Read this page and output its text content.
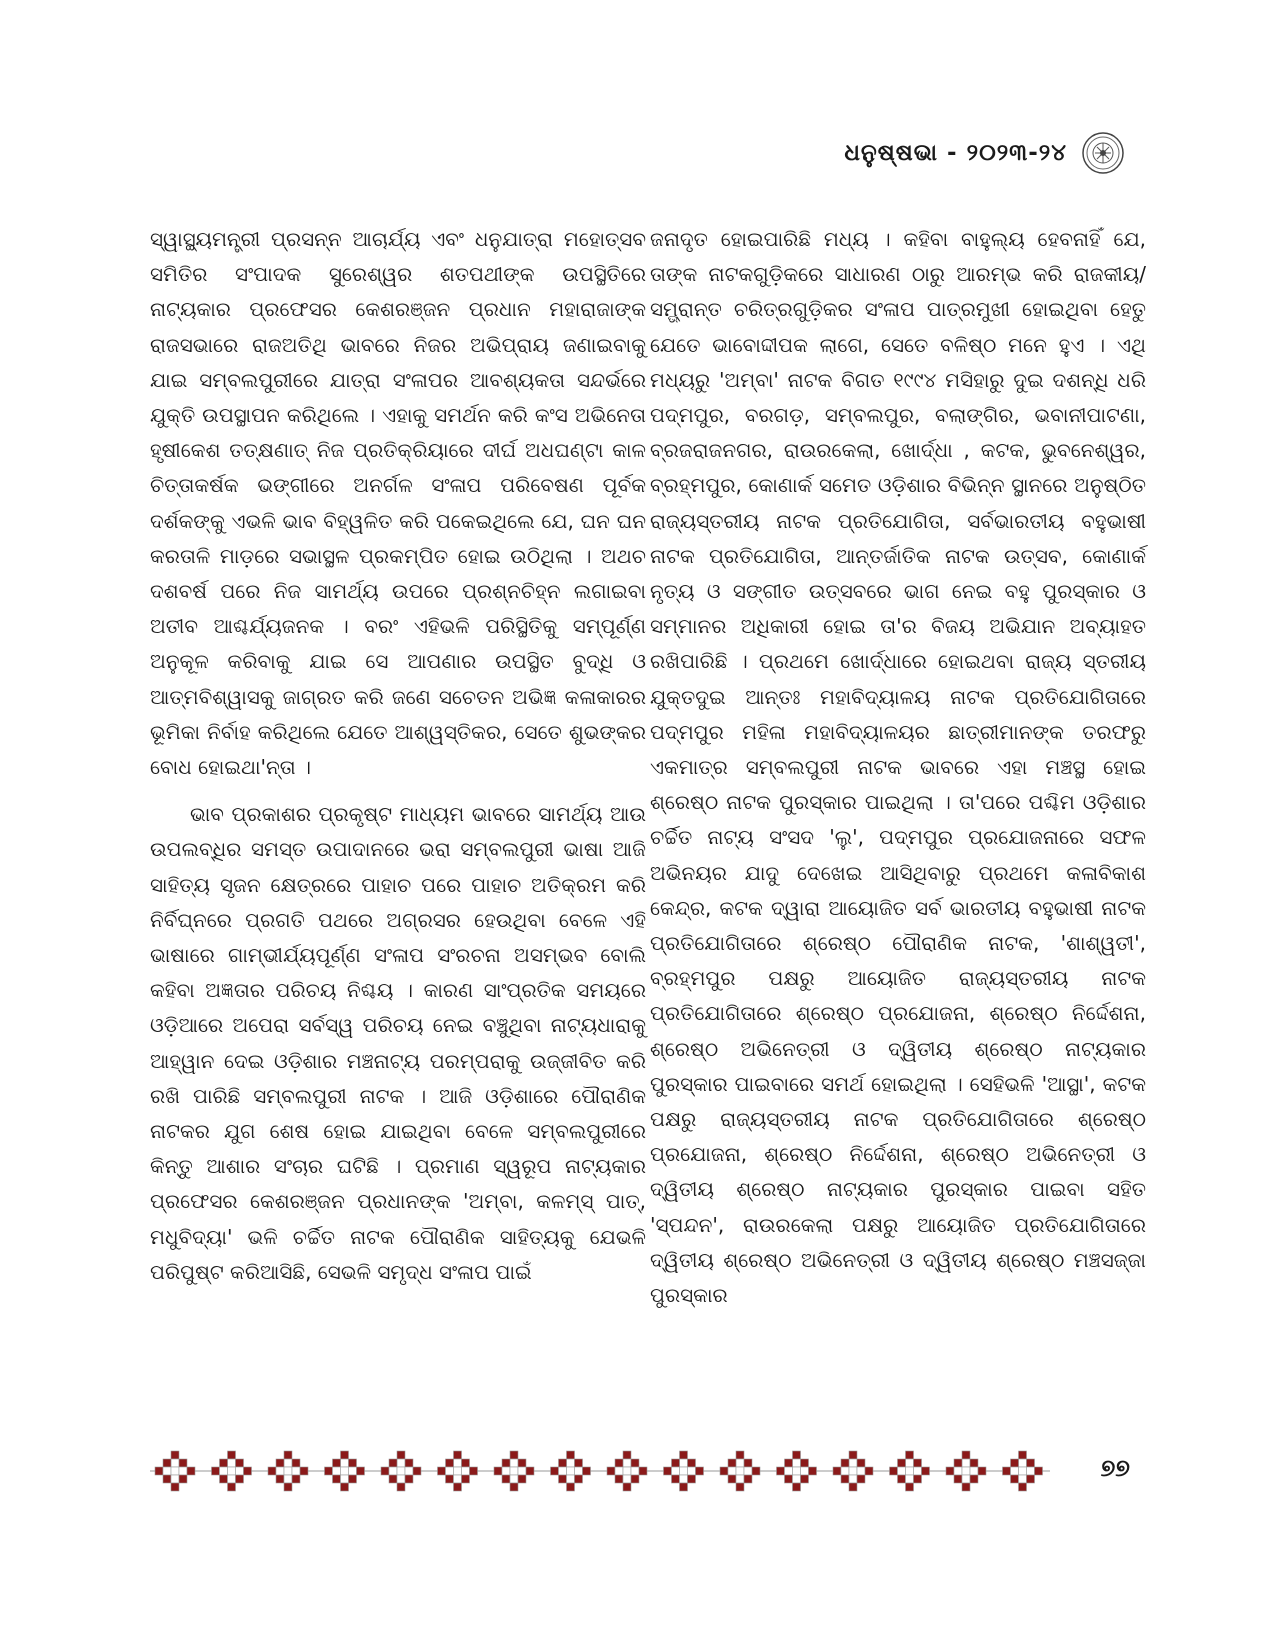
ଧନୁଷ୍ଷଭା - ୨୦୨୩-୨୪

ସ୍ୱାସ୍ଥ୍ୟମନ୍ତ୍ରୀ ପ୍ରସନ୍ନ ଆଚାର୍ଯ୍ୟ ଏବଂ ଧନୁଯାତ୍ରା ମହୋତ୍ସବ ସମିତିର ସଂପାଦକ ସୁରେଶ୍ୱର ଶତପଥୀଙ୍କ ଉପସ୍ଥିତିରେ ନାଟ୍ୟକାର ପ୍ରଫେସର କେଶରଞ୍ଜନ ପ୍ରଧାନ ମହାରାଜାଙ୍କ ରାଜସଭାରେ ରାଜଅତିଥି ଭାବରେ ନିଜର ଅଭିପ୍ରାୟ ଜଣାଇବାକୁ ଯାଇ ସମ୍ବଲପୁରୀରେ ଯାତ୍ରା ସଂଳାପର ଆବଶ୍ୟକତା ସନ୍ଦର୍ଭରେ ଯୁକ୍ତି ଉପସ୍ଥାପନ କରିଥିଲେ । ଏହାକୁ ସମର୍ଥନ କରି କଂସ ଅଭିନେତା ହୃଷୀକେଶ ତତ୍‌କ୍ଷଣାତ୍ ନିଜ ପ୍ରତିକ୍ରିୟାରେ ଦୀର୍ଘ ଅଧଘଣ୍ଟା କାଳ ଚିତ୍ତାକର୍ଷକ ଭଙ୍ଗୀରେ ଅନର୍ଗଳ ସଂଳାପ ପରିବେଷଣ ପୂର୍ବକ ଦର୍ଶକଙ୍କୁ ଏଭଳି ଭାବ ବିହ୍ୱଳିତ କରି ପକେଇଥିଲେ ଯେ, ଘନ ଘନ କରତାଳି ମାଡ଼ରେ ସଭାସ୍ଥଳ ପ୍ରକମ୍ପିତ ହୋଇ ଉଠିଥିଲା । ଅଥଚ ଦଶବର୍ଷ ପରେ ନିଜ ସାମର୍ଥ୍ୟ ଉପରେ ପ୍ରଶ୍ନଚିହ୍ନ ଲଗାଇବା ଅତୀବ ଆଶ୍ଚର୍ଯ୍ୟଜନକ । ବରଂ ଏହିଭଳି ପରିସ୍ଥିତିକୁ ସମ୍ପୂର୍ଣ୍ଣ ଅନୁକୂଳ କରିବାକୁ ଯାଇ ସେ ଆପଣାର ଉପସ୍ଥିତ ବୁଦ୍ଧି ଓ ଆତ୍ମବିଶ୍ୱାସକୁ ଜାଗ୍ରତ କରି ଜଣେ ସଚେତନ ଅଭିଜ୍ଞ କଳାକାରର ଭୂମିକା ନିର୍ବାହ କରିଥିଲେ ଯେତେ ଆଶ୍ୱସ୍ତିକର, ସେତେ ଶୁଭଙ୍କର ବୋଧ ହୋଇଥା'ନ୍ତା ।

ଭାବ ପ୍ରକାଶର ପ୍ରକୃଷ୍ଟ ମାଧ୍ୟମ ଭାବରେ ସାମର୍ଥ୍ୟ ଆଉ ଉପଲବ୍ଧିର ସମସ୍ତ ଉପାଦାନରେ ଭରା ସମ୍ବଲପୁରୀ ଭାଷା ଆଜି ସାହିତ୍ୟ ସୃଜନ କ୍ଷେତ୍ରରେ ପାହାଚ ପରେ ପାହାଚ ଅତିକ୍ରମ କରି ନିର୍ବିଘ୍ନରେ ପ୍ରଗତି ପଥରେ ଅଗ୍ରସର ହେଉଥିବା ବେଳେ ଏହି ଭାଷାରେ ଗାମ୍ଭୀର୍ଯ୍ୟପୂର୍ଣ୍ଣ ସଂଳାପ ସଂରଚନା ଅସମ୍ଭବ ବୋଲି କହିବା ଅଜ୍ଞତାର ପରିଚୟ ନିଶ୍ଚୟ । କାରଣ ସାଂପ୍ରତିକ ସମୟରେ ଓଡ଼ିଆରେ ଅପେରା ସର୍ବସ୍ୱ ପରିଚୟ ନେଇ ବଞ୍ଚୁଥିବା ନାଟ୍ୟଧାରାକୁ ଆହ୍ୱାନ ଦେଇ ଓଡ଼ିଶାର ମଞ୍ଚନାଟ୍ୟ ପରମ୍ପରାକୁ ଉଜ୍ଜୀବିତ କରି ରଖି ପାରିଛି ସମ୍ବଲପୁରୀ ନାଟକ । ଆଜି ଓଡ଼ିଶାରେ ପୌରାଣିକ ନାଟକର ଯୁଗ ଶେଷ ହୋଇ ଯାଇଥିବା ବେଳେ ସମ୍ବଲପୁରୀରେ କିନ୍ତୁ ଆଶାର ସଂଚାର ଘଟିଛି । ପ୍ରମାଣ ସ୍ୱରୂପ ନାଟ୍ୟକାର ପ୍ରଫେସର କେଶରଞ୍ଜନ ପ୍ରଧାନଙ୍କ 'ଅମ୍ବା, କଳମ୍‌ସ୍ ପାତ୍, ମଧୁବିଦ୍ୟା' ଭଳି ଚର୍ଚ୍ଚିତ ନାଟକ ପୌରାଣିକ ସାହିତ୍ୟକୁ ଯେଭଳି ପରିପୁଷ୍ଟ କରିଆସିଛି, ସେଭଳି ସମୃଦ୍ଧ ସଂଳାପ ପାଇଁ

ଜନାଦୃତ ହୋଇପାରିଛି ମଧ୍ୟ । କହିବା ବାହୁଲ୍ୟ ହେବନାହିଁ ଯେ, ତାଙ୍କ ନାଟକଗୁଡ଼ିକରେ ସାଧାରଣ ଠାରୁ ଆରମ୍ଭ କରି ରାଜକୀୟ/ସମ୍ଭ୍ରାନ୍ତ ଚରିତ୍ରଗୁଡ଼ିକର ସଂଳାପ ପାତ୍ରମୁଖୀ ହୋଇଥିବା ହେତୁ ଯେତେ ଭାବୋଦ୍ଦୀପକ ଲାଗେ, ସେତେ ବଳିଷ୍ଠ ମନେ ହୁଏ । ଏଥି ମଧ୍ୟରୁ 'ଅମ୍ବା' ନାଟକ ବିଗତ ୧୯୯୪ ମସିହାରୁ ଦୁଇ ଦଶନ୍ଧି ଧରି ପଦ୍ମପୁର, ବରଗଡ଼, ସମ୍ବଲପୁର, ବଲାଙ୍ଗିର, ଭବାନୀପାଟଣା, ବ୍ରଜରାଜନଗର, ରାଉରକେଲା, ଖୋର୍ଦ୍ଧା , କଟକ, ଭୁବନେଶ୍ୱର, ବ୍ରହ୍ମପୁର, କୋଣାର୍କ ସମେତ ଓଡ଼ିଶାର ବିଭିନ୍ନ ସ୍ଥାନରେ ଅନୁଷ୍ଠିତ ରାଜ୍ୟସ୍ତରୀୟ ନାଟକ ପ୍ରତିଯୋଗିତା, ସର୍ବଭାରତୀୟ ବହୁଭାଷୀ ନାଟକ ପ୍ରତିଯୋଗିତା, ଆନ୍ତର୍ଜାତିକ ନାଟକ ଉତ୍ସବ, କୋଣାର୍କ ନୃତ୍ୟ ଓ ସଙ୍ଗୀତ ଉତ୍ସବରେ ଭାଗ ନେଇ ବହୁ ପୁରସ୍କାର ଓ ସମ୍ମାନର ଅଧିକାରୀ ହୋଇ ତା'ର ବିଜୟ ଅଭିଯାନ ଅବ୍ୟାହତ ରଖିପାରିଛି । ପ୍ରଥମେ ଖୋର୍ଦ୍ଧାରେ ହୋଇଥବା ରାଜ୍ୟ ସ୍ତରୀୟ ଯୁକ୍ତଦୁଇ ଆନ୍ତଃ ମହାବିଦ୍ୟାଳୟ ନାଟକ ପ୍ରତିଯୋଗିତାରେ ପଦ୍ମପୁର ମହିଳା ମହାବିଦ୍ୟାଳୟର ଛାତ୍ରୀମାନଙ୍କ ତରଫରୁ ଏକମାତ୍ର ସମ୍ବଲପୁରୀ ନାଟକ ଭାବରେ ଏହା ମଞ୍ଚସ୍ଥ ହୋଇ ଶ୍ରେଷ୍ଠ ନାଟକ ପୁରସ୍କାର ପାଇଥିଲା । ତା'ପରେ ପଶ୍ଚିମ ଓଡ଼ିଶାର ଚର୍ଚ୍ଚିତ ନାଟ୍ୟ ସଂସଦ 'ଲୁ', ପଦ୍ମପୁର ପ୍ରଯୋଜନାରେ ସଫଳ ଅଭିନୟର ଯାଦୁ ଦେଖେଇ ଆସିଥିବାରୁ ପ୍ରଥମେ କଳାବିକାଶ କେନ୍ଦ୍ର, କଟକ ଦ୍ୱାରା ଆୟୋଜିତ ସର୍ବ ଭାରତୀୟ ବହୁଭାଷୀ ନାଟକ ପ୍ରତିଯୋଗିତାରେ ଶ୍ରେଷ୍ଠ ପୌରାଣିକ ନାଟକ, 'ଶାଶ୍ୱତୀ', ବ୍ରହ୍ମପୁର ପକ୍ଷରୁ ଆୟୋଜିତ ରାଜ୍ୟସ୍ତରୀୟ ନାଟକ ପ୍ରତିଯୋଗିତାରେ ଶ୍ରେଷ୍ଠ ପ୍ରଯୋଜନା, ଶ୍ରେଷ୍ଠ ନିର୍ଦ୍ଦେଶନା, ଶ୍ରେଷ୍ଠ ଅଭିନେତ୍ରୀ ଓ ଦ୍ୱିତୀୟ ଶ୍ରେଷ୍ଠ ନାଟ୍ୟକାର ପୁରସ୍କାର ପାଇବାରେ ସମର୍ଥ ହୋଇଥିଲା । ସେହିଭଳି 'ଆସ୍ଥା', କଟକ ପକ୍ଷରୁ ରାଜ୍ୟସ୍ତରୀୟ ନାଟକ ପ୍ରତିଯୋଗିତାରେ ଶ୍ରେଷ୍ଠ ପ୍ରଯୋଜନା, ଶ୍ରେଷ୍ଠ ନିର୍ଦ୍ଦେଶନା, ଶ୍ରେଷ୍ଠ ଅଭିନେତ୍ରୀ ଓ ଦ୍ୱିତୀୟ ଶ୍ରେଷ୍ଠ ନାଟ୍ୟକାର ପୁରସ୍କାର ପାଇବା ସହିତ 'ସ୍ପନ୍ଦନ', ରାଉରକେଲା ପକ୍ଷରୁ ଆୟୋଜିତ ପ୍ରତିଯୋଗିତାରେ ଦ୍ୱିତୀୟ ଶ୍ରେଷ୍ଠ ଅଭିନେତ୍ରୀ ଓ ଦ୍ୱିତୀୟ ଶ୍ରେଷ୍ଠ ମଞ୍ଚସଜ୍ଜା ପୁରସ୍କାର

୭୭
